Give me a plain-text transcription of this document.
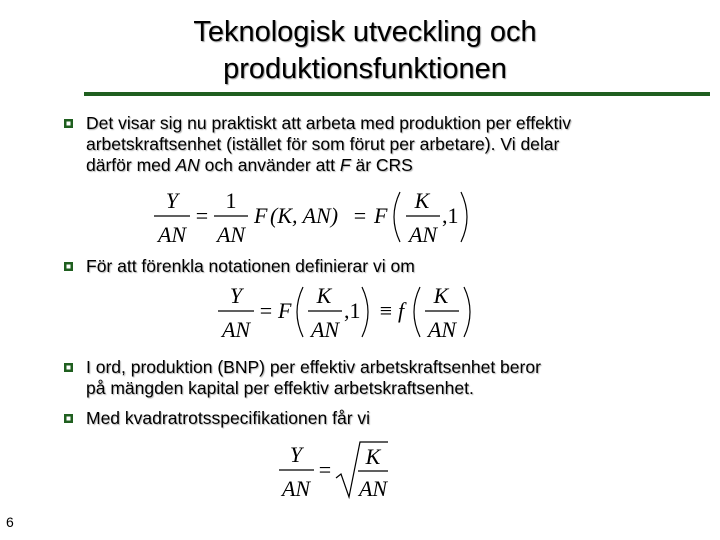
Teknologisk utveckling och
produktionsfunktionen
Det visar sig nu praktiskt att arbeta med produktion per effektiv
arbetskraftsenhet (istället för som förut per arbetare). Vi delar
därför med AN och använder att F är CRS
Y
AN
=
1
AN
F (K, AN) = F
K
AN
,1
För att förenkla notationen definierar vi om
Y
AN
= F
K
AN
,1 ≡ f
K
AN
I ord, produktion (BNP) per effektiv arbetskraftsenhet beror
på mängden kapital per effektiv arbetskraftsenhet.
Med kvadratrotsspecifikationen får vi
Y
AN
=
K
AN
6
